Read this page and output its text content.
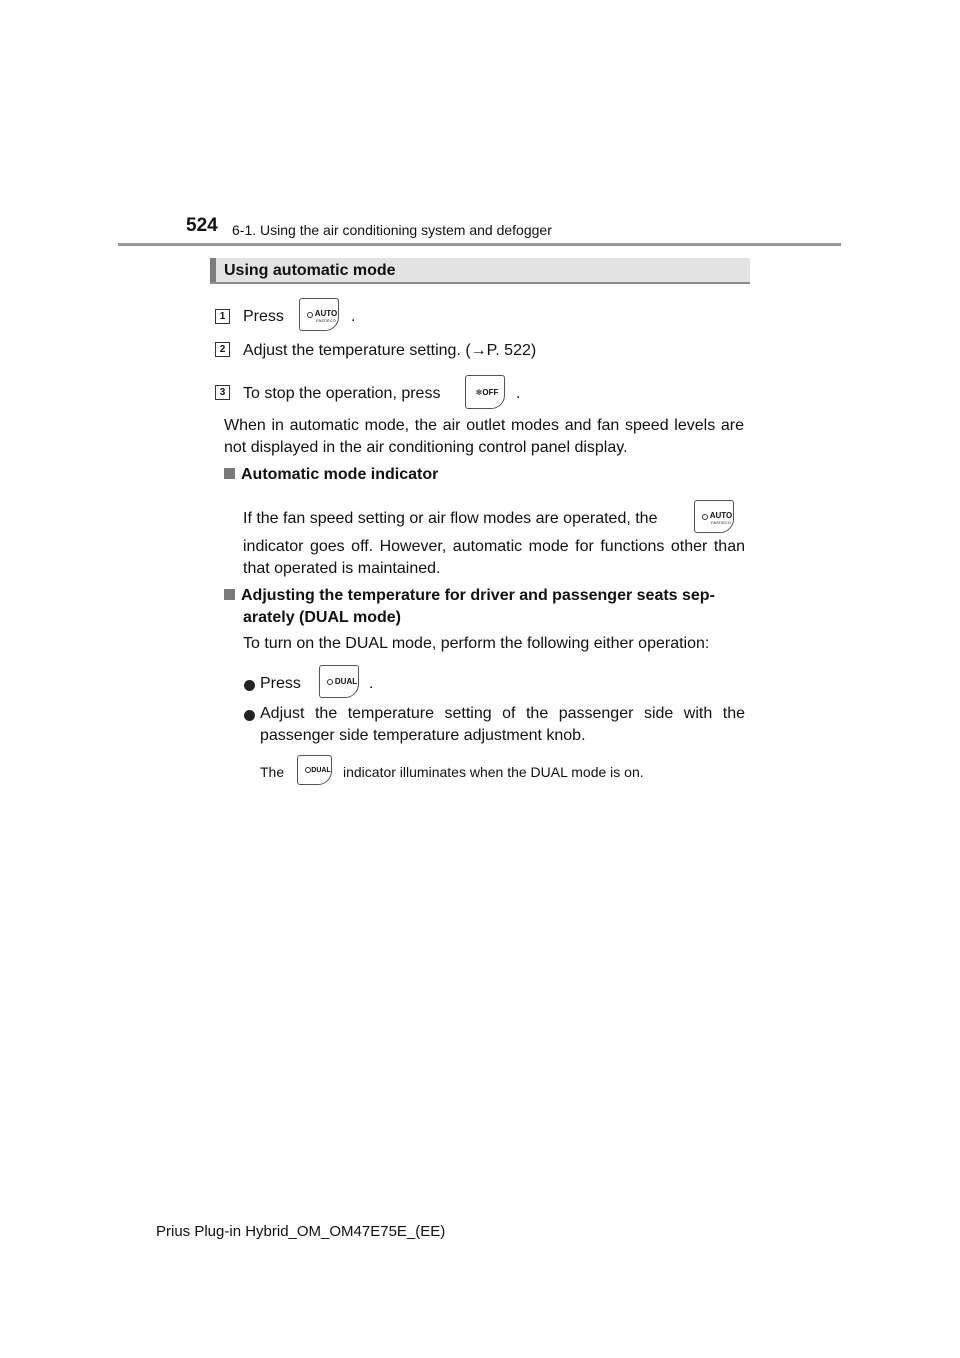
524 6-1. Using the air conditioning system and defogger
Using automatic mode
1 Press	AUTO
FAST/ECO .
2 Adjust the temperature setting. (→P. 522)
3 To stop the operation, press	✻OFF .
When in automatic mode, the air outlet modes and fan speed levels are not displayed in the air conditioning control panel display.
Automatic mode indicator
If the fan speed setting or air flow modes are operated, the	AUTO
FAST/ECO
indicator goes off. However, automatic mode for functions other than that operated is maintained.
Adjusting the temperature for driver and passenger seats sep-
arately (DUAL mode)
To turn on the DUAL mode, perform the following either operation:
Press	DUAL .
Adjust the temperature setting of the passenger side with the passenger side temperature adjustment knob.
The	DUAL indicator illuminates when the DUAL mode is on.
Prius Plug-in Hybrid_OM_OM47E75E_(EE)
